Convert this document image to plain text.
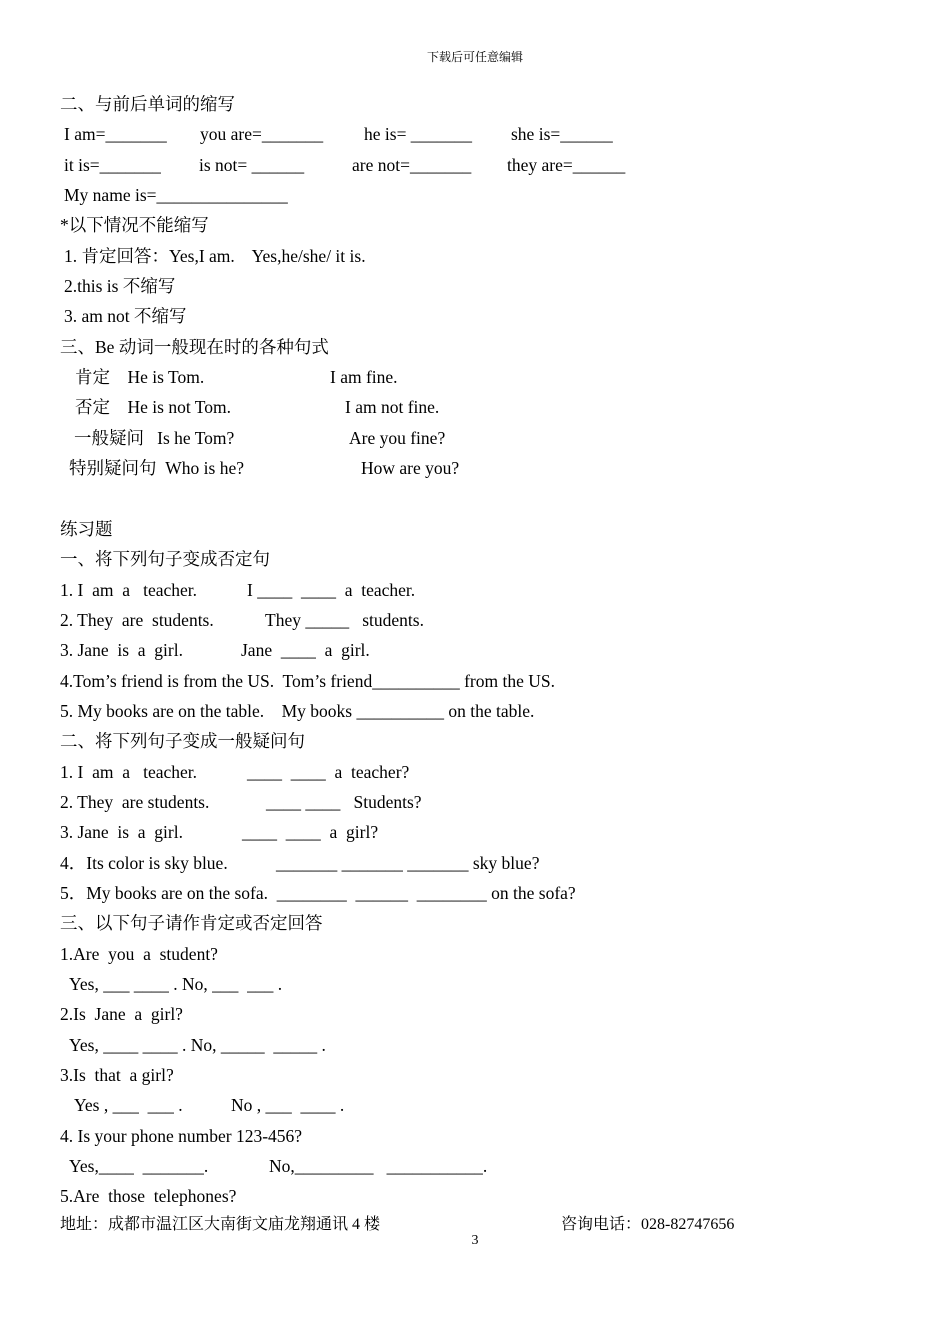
下载后可任意编辑
二、与前后单词的缩写
I am=_______ you are=_______ he is= _______ she is=______
it is=_______ is not= ______	are not=_______ they are=______
My name is=_______________
*以下情况不能缩写
1. 肯定回答：Yes,I am.    Yes,he/she/ it is.
2.this is 不缩写
3. am not 不缩写
三、Be 动词一般现在时的各种句式
肯定    He is Tom.	I am fine.
否定    He is not Tom.	I am not fine.
一般疑问   Is he Tom?	Are you fine?
特别疑问句  Who is he?	How are you?
练习题
一、将下列句子变成否定句
1. I  am  a   teacher.	I ____  ____  a  teacher.
2. They  are  students.	They _____   students.
3. Jane  is  a  girl.	Jane  ____  a  girl.
4.Tom’s friend is from the US.  Tom’s friend__________ from the US.
5. My books are on the table.    My books __________ on the table.
二、将下列句子变成一般疑问句
1. I  am  a   teacher.	____  ____  a  teacher?
2. They  are students.	____ ____   Students?
3. Jane  is  a  girl.	____  ____  a  girl?
4．Its color is sky blue.	_______ _______ _______ sky blue?
5．My books are on the sofa.  ________  ______  ________ on the sofa?
三、以下句子请作肯定或否定回答
1.Are  you  a  student?
Yes, ___ ____ . No, ___  ___ .
2.Is  Jane  a  girl?
Yes, ____ ____ . No, _____  _____ .
3.Is  that  a girl?
Yes , ___  ___ .	No , ___  ____ .
4. Is your phone number 123-456?
Yes,____  _______.	No,_________   ___________.
5.Are  those  telephones?
地址：成都市温江区大南街文庙龙翔通讯 4 楼	咨询电话：028-82747656
3
